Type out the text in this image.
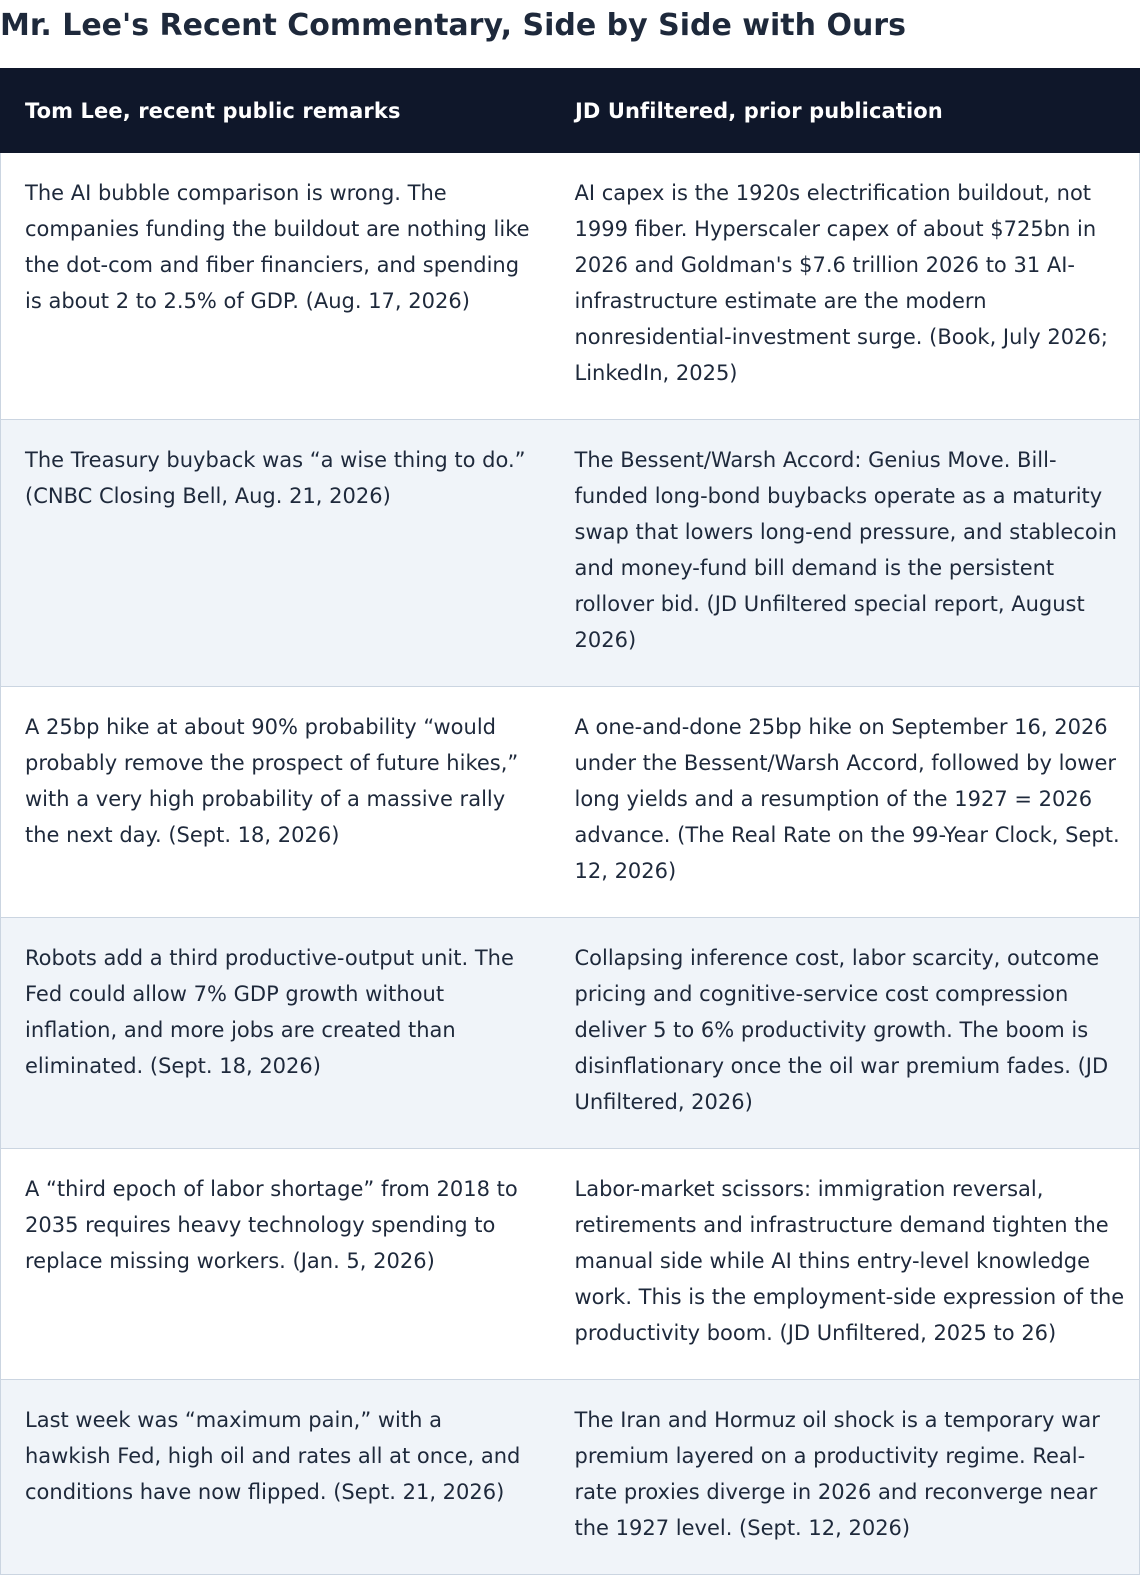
Mr. Lee's Recent Commentary, Side by Side with Ours
Tom Lee, recent public remarks	JD Unfiltered, prior publication
The AI bubble comparison is wrong. The companies funding the buildout are nothing like the dot-com and fiber financiers, and spending is about 2 to 2.5% of GDP. (Aug. 17, 2026)	AI capex is the 1920s electrification buildout, not 1999 fiber. Hyperscaler capex of about $725bn in 2026 and Goldman's $7.6 trillion 2026 to 31 AI-infrastructure estimate are the modern nonresidential-investment surge. (Book, July 2026; LinkedIn, 2025)
The Treasury buyback was “a wise thing to do.” (CNBC Closing Bell, Aug. 21, 2026)	The Bessent/Warsh Accord: Genius Move. Bill-funded long-bond buybacks operate as a maturity swap that lowers long-end pressure, and stablecoin and money-fund bill demand is the persistent rollover bid. (JD Unfiltered special report, August 2026)
A 25bp hike at about 90% probability “would probably remove the prospect of future hikes,” with a very high probability of a massive rally the next day. (Sept. 18, 2026)	A one-and-done 25bp hike on September 16, 2026 under the Bessent/Warsh Accord, followed by lower long yields and a resumption of the 1927 = 2026 advance. (The Real Rate on the 99-Year Clock, Sept. 12, 2026)
Robots add a third productive-output unit. The Fed could allow 7% GDP growth without inflation, and more jobs are created than eliminated. (Sept. 18, 2026)	Collapsing inference cost, labor scarcity, outcome pricing and cognitive-service cost compression deliver 5 to 6% productivity growth. The boom is disinflationary once the oil war premium fades. (JD Unfiltered, 2026)
A “third epoch of labor shortage” from 2018 to 2035 requires heavy technology spending to replace missing workers. (Jan. 5, 2026)	Labor-market scissors: immigration reversal, retirements and infrastructure demand tighten the manual side while AI thins entry-level knowledge work. This is the employment-side expression of the productivity boom. (JD Unfiltered, 2025 to 26)
Last week was “maximum pain,” with a hawkish Fed, high oil and rates all at once, and conditions have now flipped. (Sept. 21, 2026)	The Iran and Hormuz oil shock is a temporary war premium layered on a productivity regime. Real-rate proxies diverge in 2026 and reconverge near the 1927 level. (Sept. 12, 2026)
